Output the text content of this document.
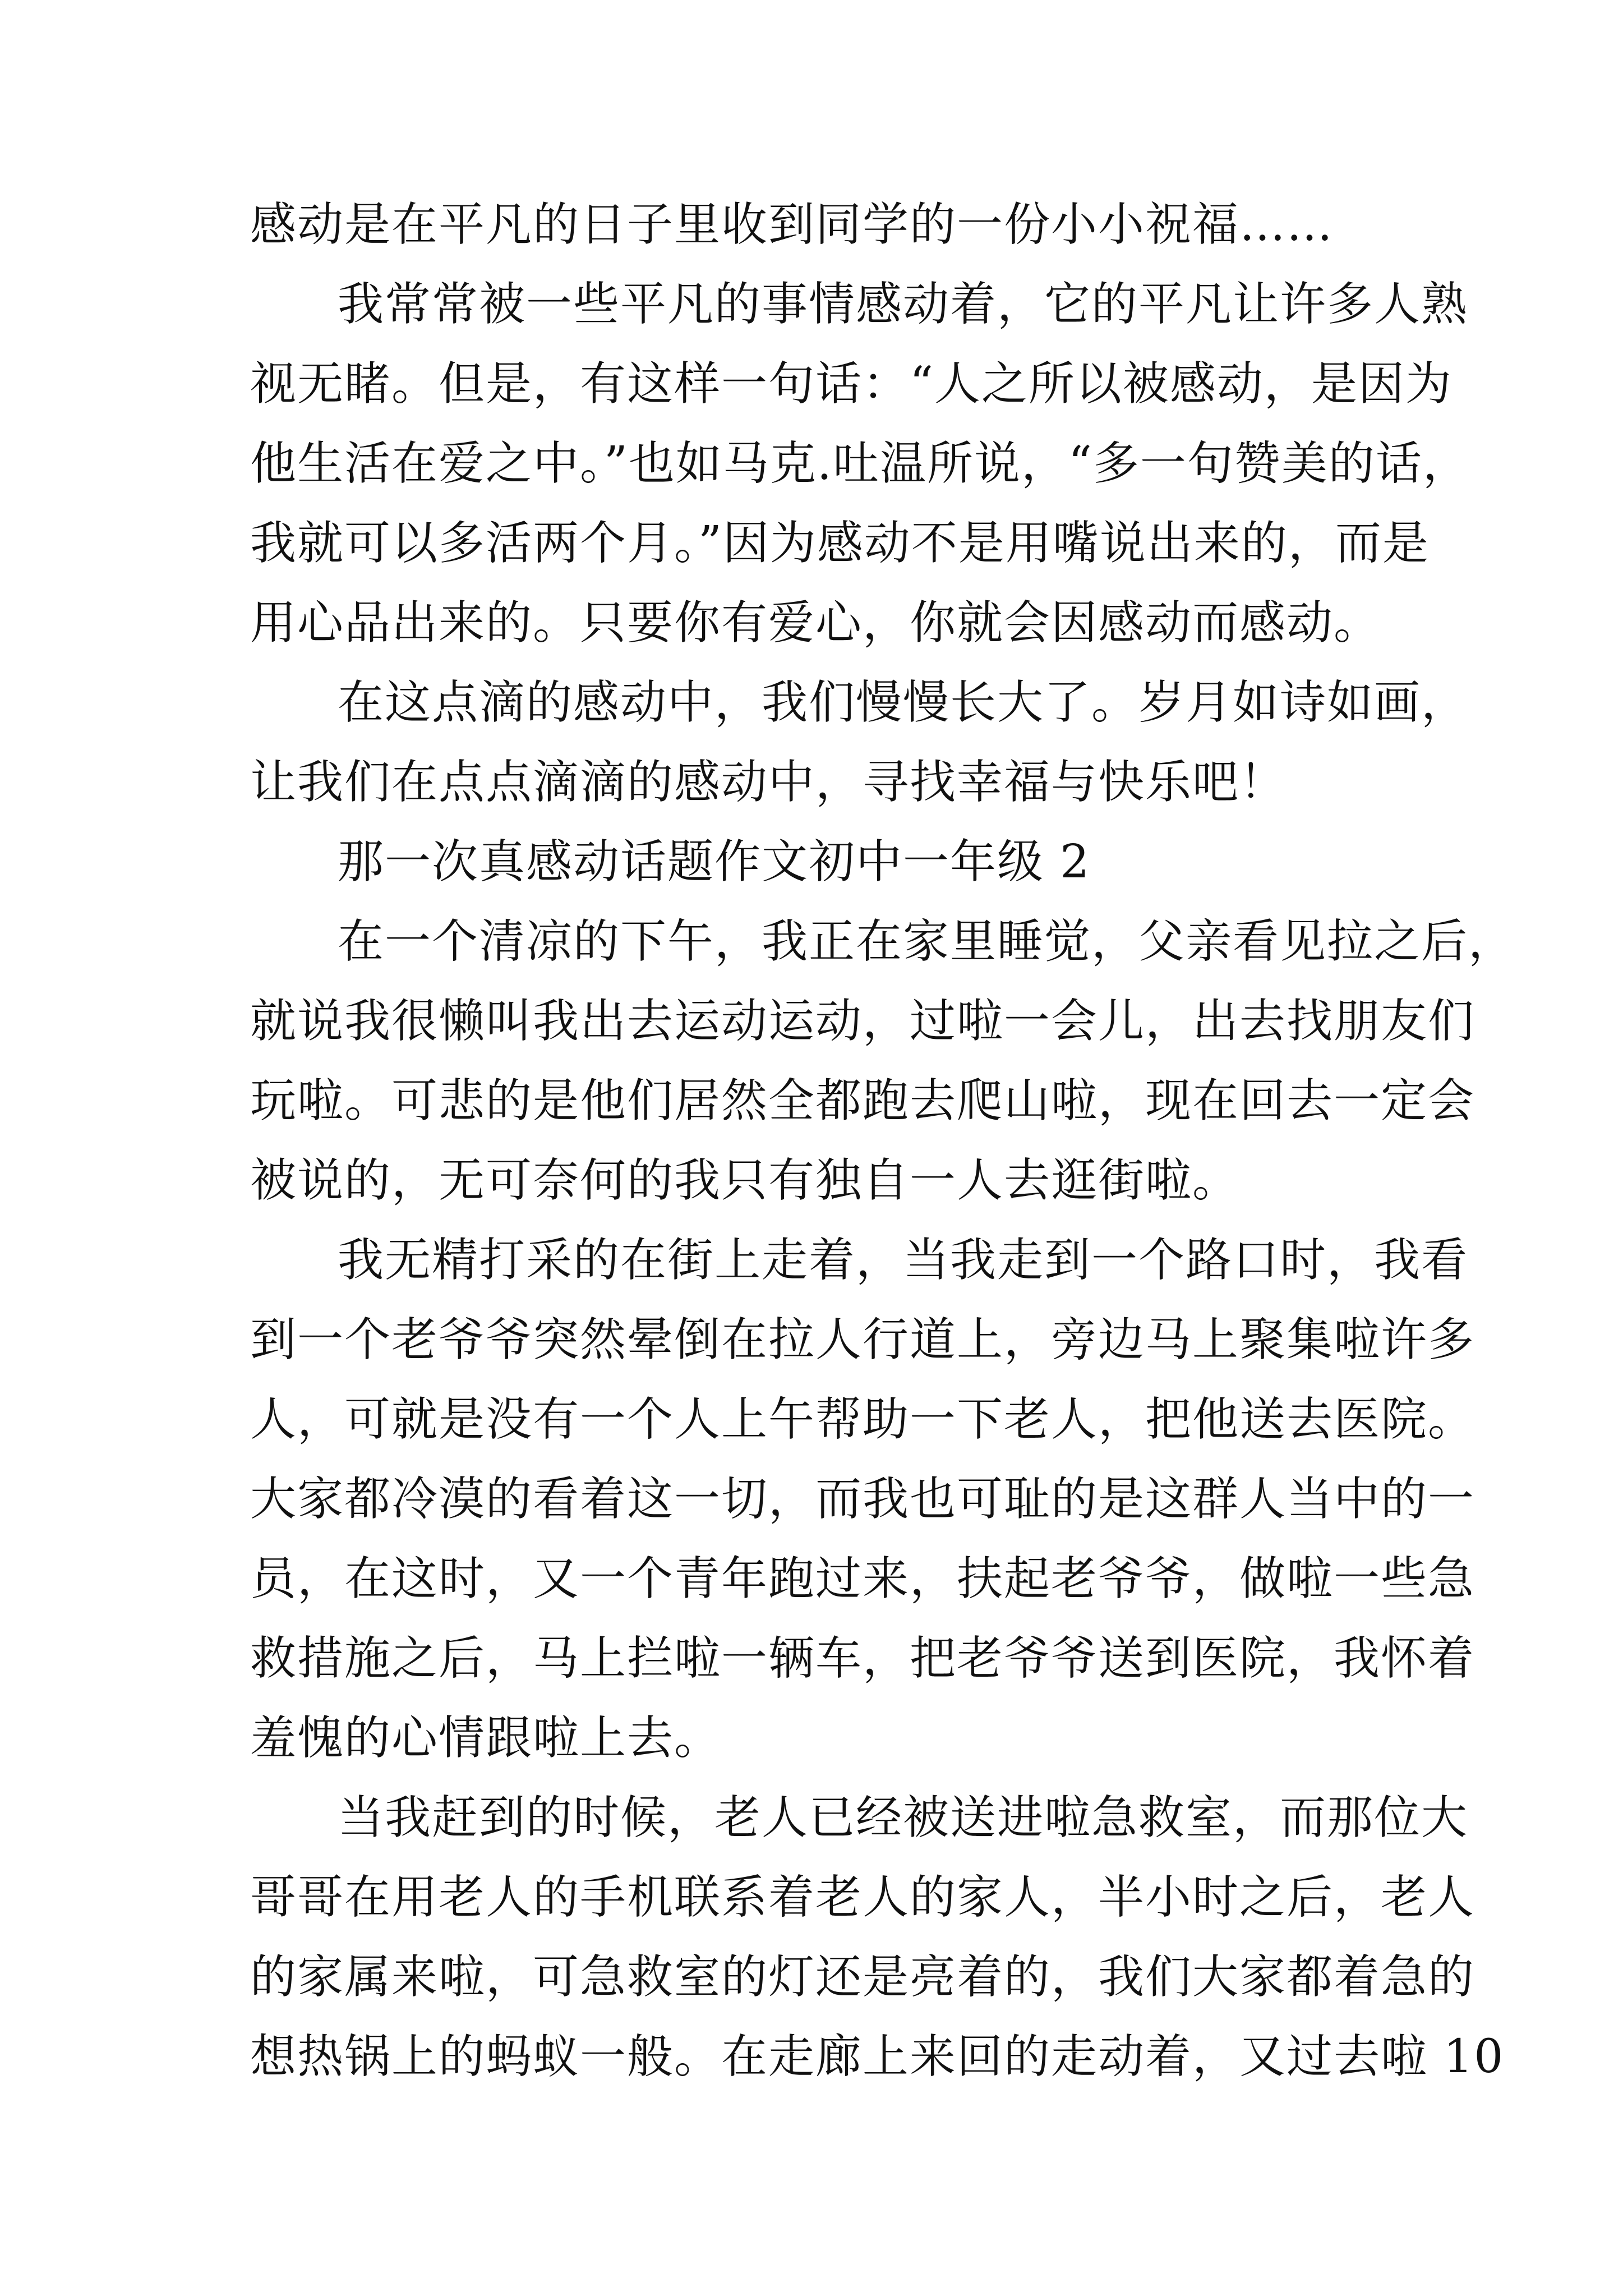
感动是在平凡的日子里收到同学的一份小小祝福……
我常常被一些平凡的事情感动着，它的平凡让许多人熟
视无睹。但是，有这样一句话：“人之所以被感动，是因为
他生活在爱之中。”也如马克.吐温所说，“多一句赞美的话，
我就可以多活两个月。”因为感动不是用嘴说出来的，而是
用心品出来的。只要你有爱心，你就会因感动而感动。
在这点滴的感动中，我们慢慢长大了。岁月如诗如画，
让我们在点点滴滴的感动中，寻找幸福与快乐吧！
那一次真感动话题作文初中一年级 2
在一个清凉的下午，我正在家里睡觉，父亲看见拉之后，
就说我很懒叫我出去运动运动，过啦一会儿，出去找朋友们
玩啦。可悲的是他们居然全都跑去爬山啦，现在回去一定会
被说的，无可奈何的我只有独自一人去逛街啦。
我无精打采的在街上走着，当我走到一个路口时，我看
到一个老爷爷突然晕倒在拉人行道上，旁边马上聚集啦许多
人，可就是没有一个人上午帮助一下老人，把他送去医院。
大家都冷漠的看着这一切，而我也可耻的是这群人当中的一
员，在这时，又一个青年跑过来，扶起老爷爷，做啦一些急
救措施之后，马上拦啦一辆车，把老爷爷送到医院，我怀着
羞愧的心情跟啦上去。
当我赶到的时候，老人已经被送进啦急救室，而那位大
哥哥在用老人的手机联系着老人的家人，半小时之后，老人
的家属来啦，可急救室的灯还是亮着的，我们大家都着急的
想热锅上的蚂蚁一般。在走廊上来回的走动着，又过去啦 10
